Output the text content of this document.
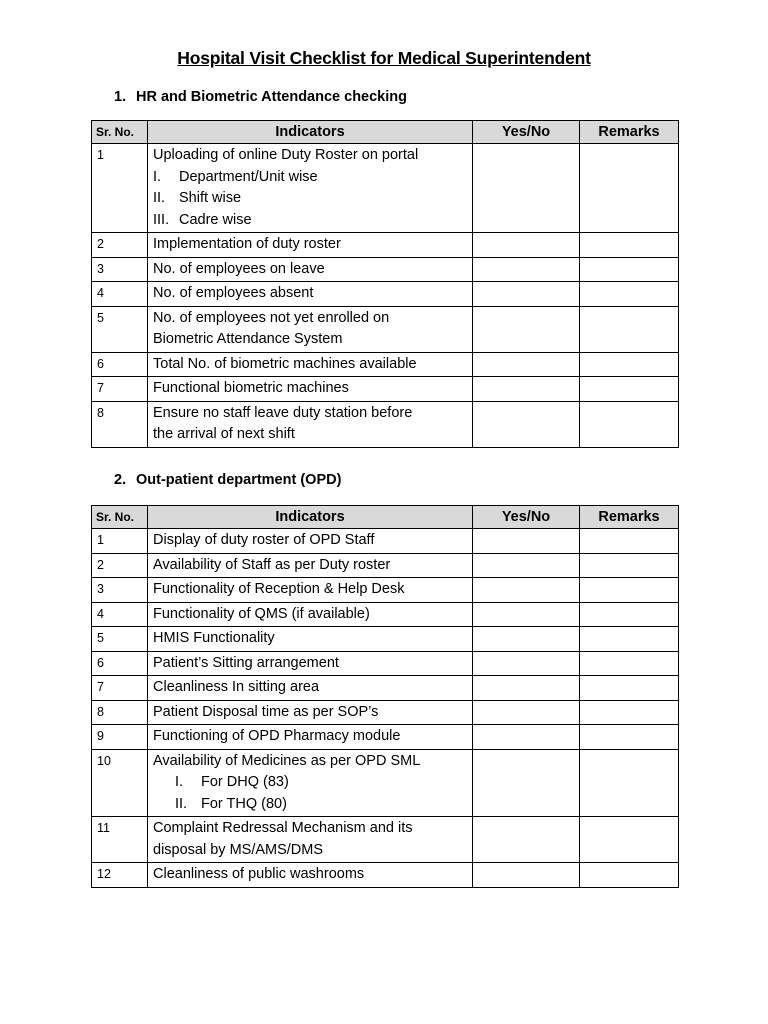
Hospital Visit Checklist for Medical Superintendent
1. HR and Biometric Attendance checking
Sr. No.	Indicators	Yes/No	Remarks
1	Uploading of online Duty Roster on portal
I. Department/Unit wise
II. Shift wise
III. Cadre wise		

2	Implementation of duty roster		

3	No. of employees on leave		

4	No. of employees absent		

5	No. of employees not yet enrolled on
Biometric Attendance System		

6	Total No. of biometric machines available		

7	Functional biometric machines		

8	Ensure no staff leave duty station before
the arrival of next shift		

2. Out-patient department (OPD)
Sr. No.	Indicators	Yes/No	Remarks
1	Display of duty roster of OPD Staff		

2	Availability of Staff as per Duty roster		

3	Functionality of Reception & Help Desk		

4	Functionality of QMS (if available)		

5	HMIS Functionality		

6	Patient’s Sitting arrangement		

7	Cleanliness In sitting area		

8	Patient Disposal time as per SOP’s		

9	Functioning of OPD Pharmacy module		

10	Availability of Medicines as per OPD SML
I. For DHQ (83)
II. For THQ (80)		

11	Complaint Redressal Mechanism and its
disposal by MS/AMS/DMS		

12	Cleanliness of public washrooms		
